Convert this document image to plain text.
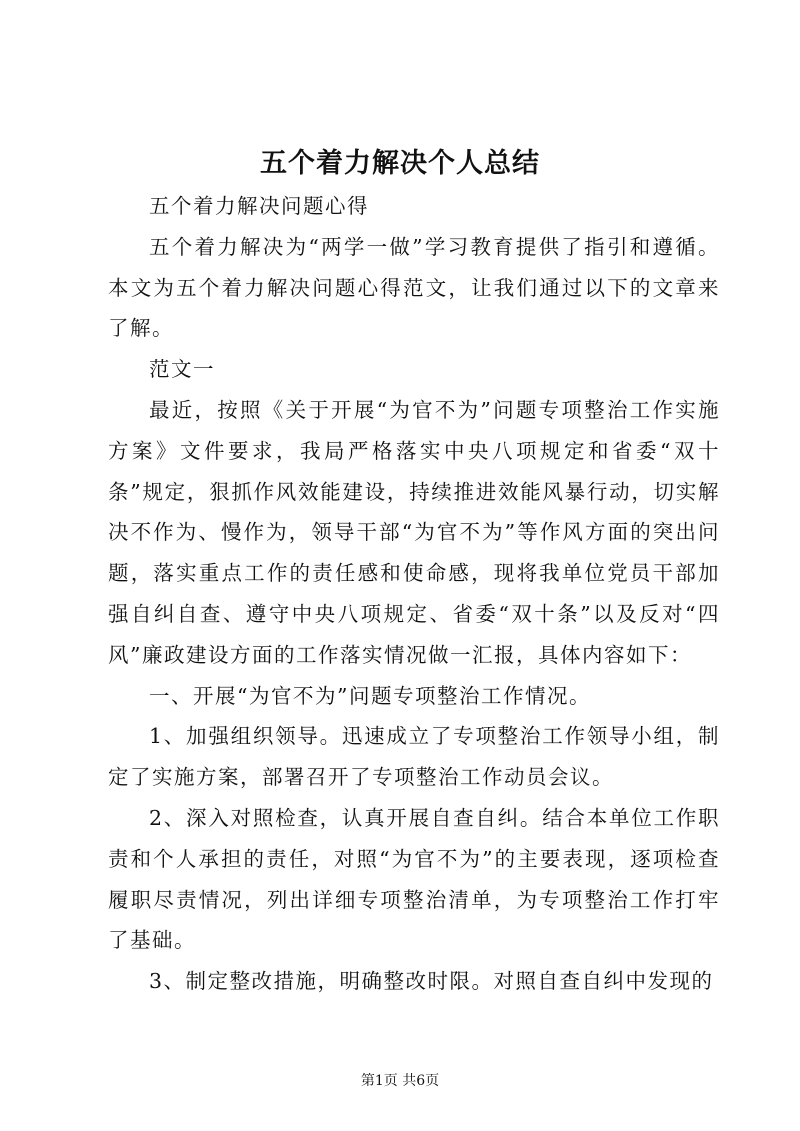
五个着力解决个人总结

五个着力解决问题心得

五个着力解决为“两学一做”学习教育提供了指引和遵循。本文为五个着力解决问题心得范文，让我们通过以下的文章来了解。

范文一

最近，按照《关于开展“为官不为”问题专项整治工作实施方案》文件要求，我局严格落实中央八项规定和省委“双十条”规定，狠抓作风效能建设，持续推进效能风暴行动，切实解决不作为、慢作为，领导干部“为官不为”等作风方面的突出问题，落实重点工作的责任感和使命感，现将我单位党员干部加强自纠自查、遵守中央八项规定、省委“双十条”以及反对“四风”廉政建设方面的工作落实情况做一汇报，具体内容如下：

一、开展“为官不为”问题专项整治工作情况。

1、加强组织领导。迅速成立了专项整治工作领导小组，制定了实施方案，部署召开了专项整治工作动员会议。

2、深入对照检查，认真开展自查自纠。结合本单位工作职责和个人承担的责任，对照“为官不为”的主要表现，逐项检查履职尽责情况，列出详细专项整治清单，为专项整治工作打牢了基础。

3、制定整改措施，明确整改时限。对照自查自纠中发现的

第1页 共6页
